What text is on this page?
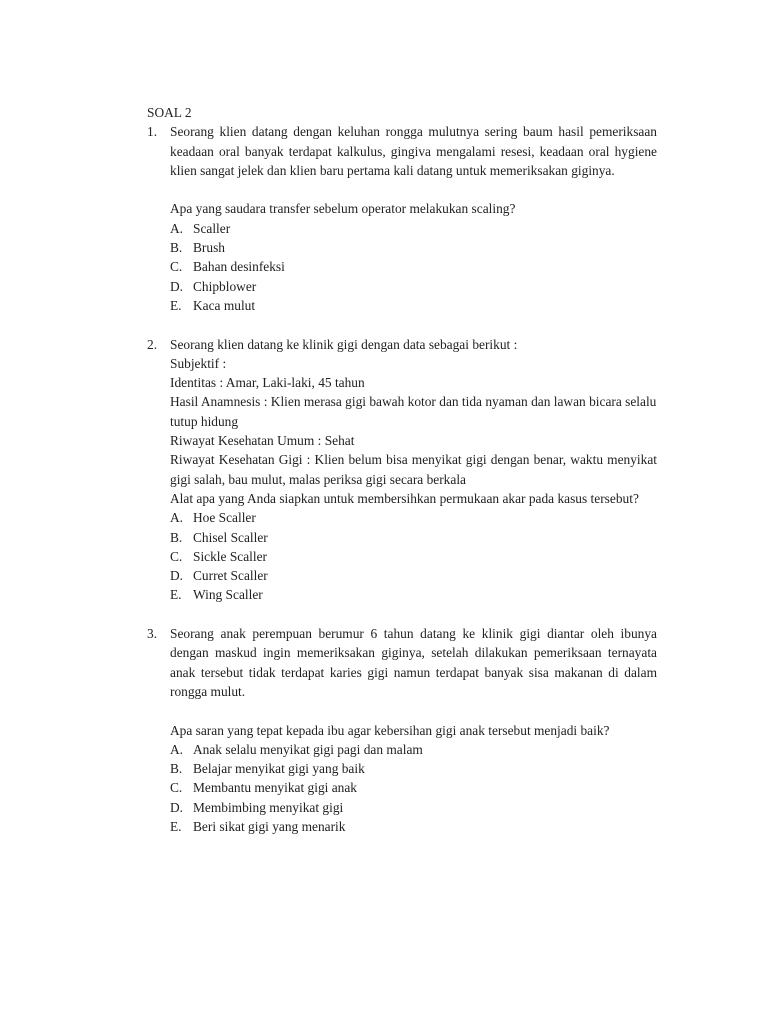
SOAL 2
1. Seorang klien datang dengan keluhan rongga mulutnya sering baum hasil pemeriksaan keadaan oral banyak terdapat kalkulus, gingiva mengalami resesi, keadaan oral hygiene klien sangat jelek dan klien baru pertama kali datang untuk memeriksakan giginya.
Apa yang saudara transfer sebelum operator melakukan scaling?
A. Scaller
B. Brush
C. Bahan desinfeksi
D. Chipblower
E. Kaca mulut
2. Seorang klien datang ke klinik gigi dengan data sebagai berikut :
Subjektif :
Identitas : Amar, Laki-laki, 45 tahun
Hasil Anamnesis : Klien merasa gigi bawah kotor dan tida nyaman dan lawan bicara selalu tutup hidung
Riwayat Kesehatan Umum : Sehat
Riwayat Kesehatan Gigi : Klien belum bisa menyikat gigi dengan benar, waktu menyikat gigi salah, bau mulut, malas periksa gigi secara berkala
Alat apa yang Anda siapkan untuk membersihkan permukaan akar pada kasus tersebut?
A. Hoe Scaller
B. Chisel Scaller
C. Sickle Scaller
D. Curret Scaller
E. Wing Scaller
3. Seorang anak perempuan berumur 6 tahun datang ke klinik gigi diantar oleh ibunya dengan maskud ingin memeriksakan giginya, setelah dilakukan pemeriksaan ternayata anak tersebut tidak terdapat karies gigi namun terdapat banyak sisa makanan di dalam rongga mulut.
Apa saran yang tepat kepada ibu agar kebersihan gigi anak tersebut menjadi baik?
A. Anak selalu menyikat gigi pagi dan malam
B. Belajar menyikat gigi yang baik
C. Membantu menyikat gigi anak
D. Membimbing menyikat gigi
E. Beri sikat gigi yang menarik
